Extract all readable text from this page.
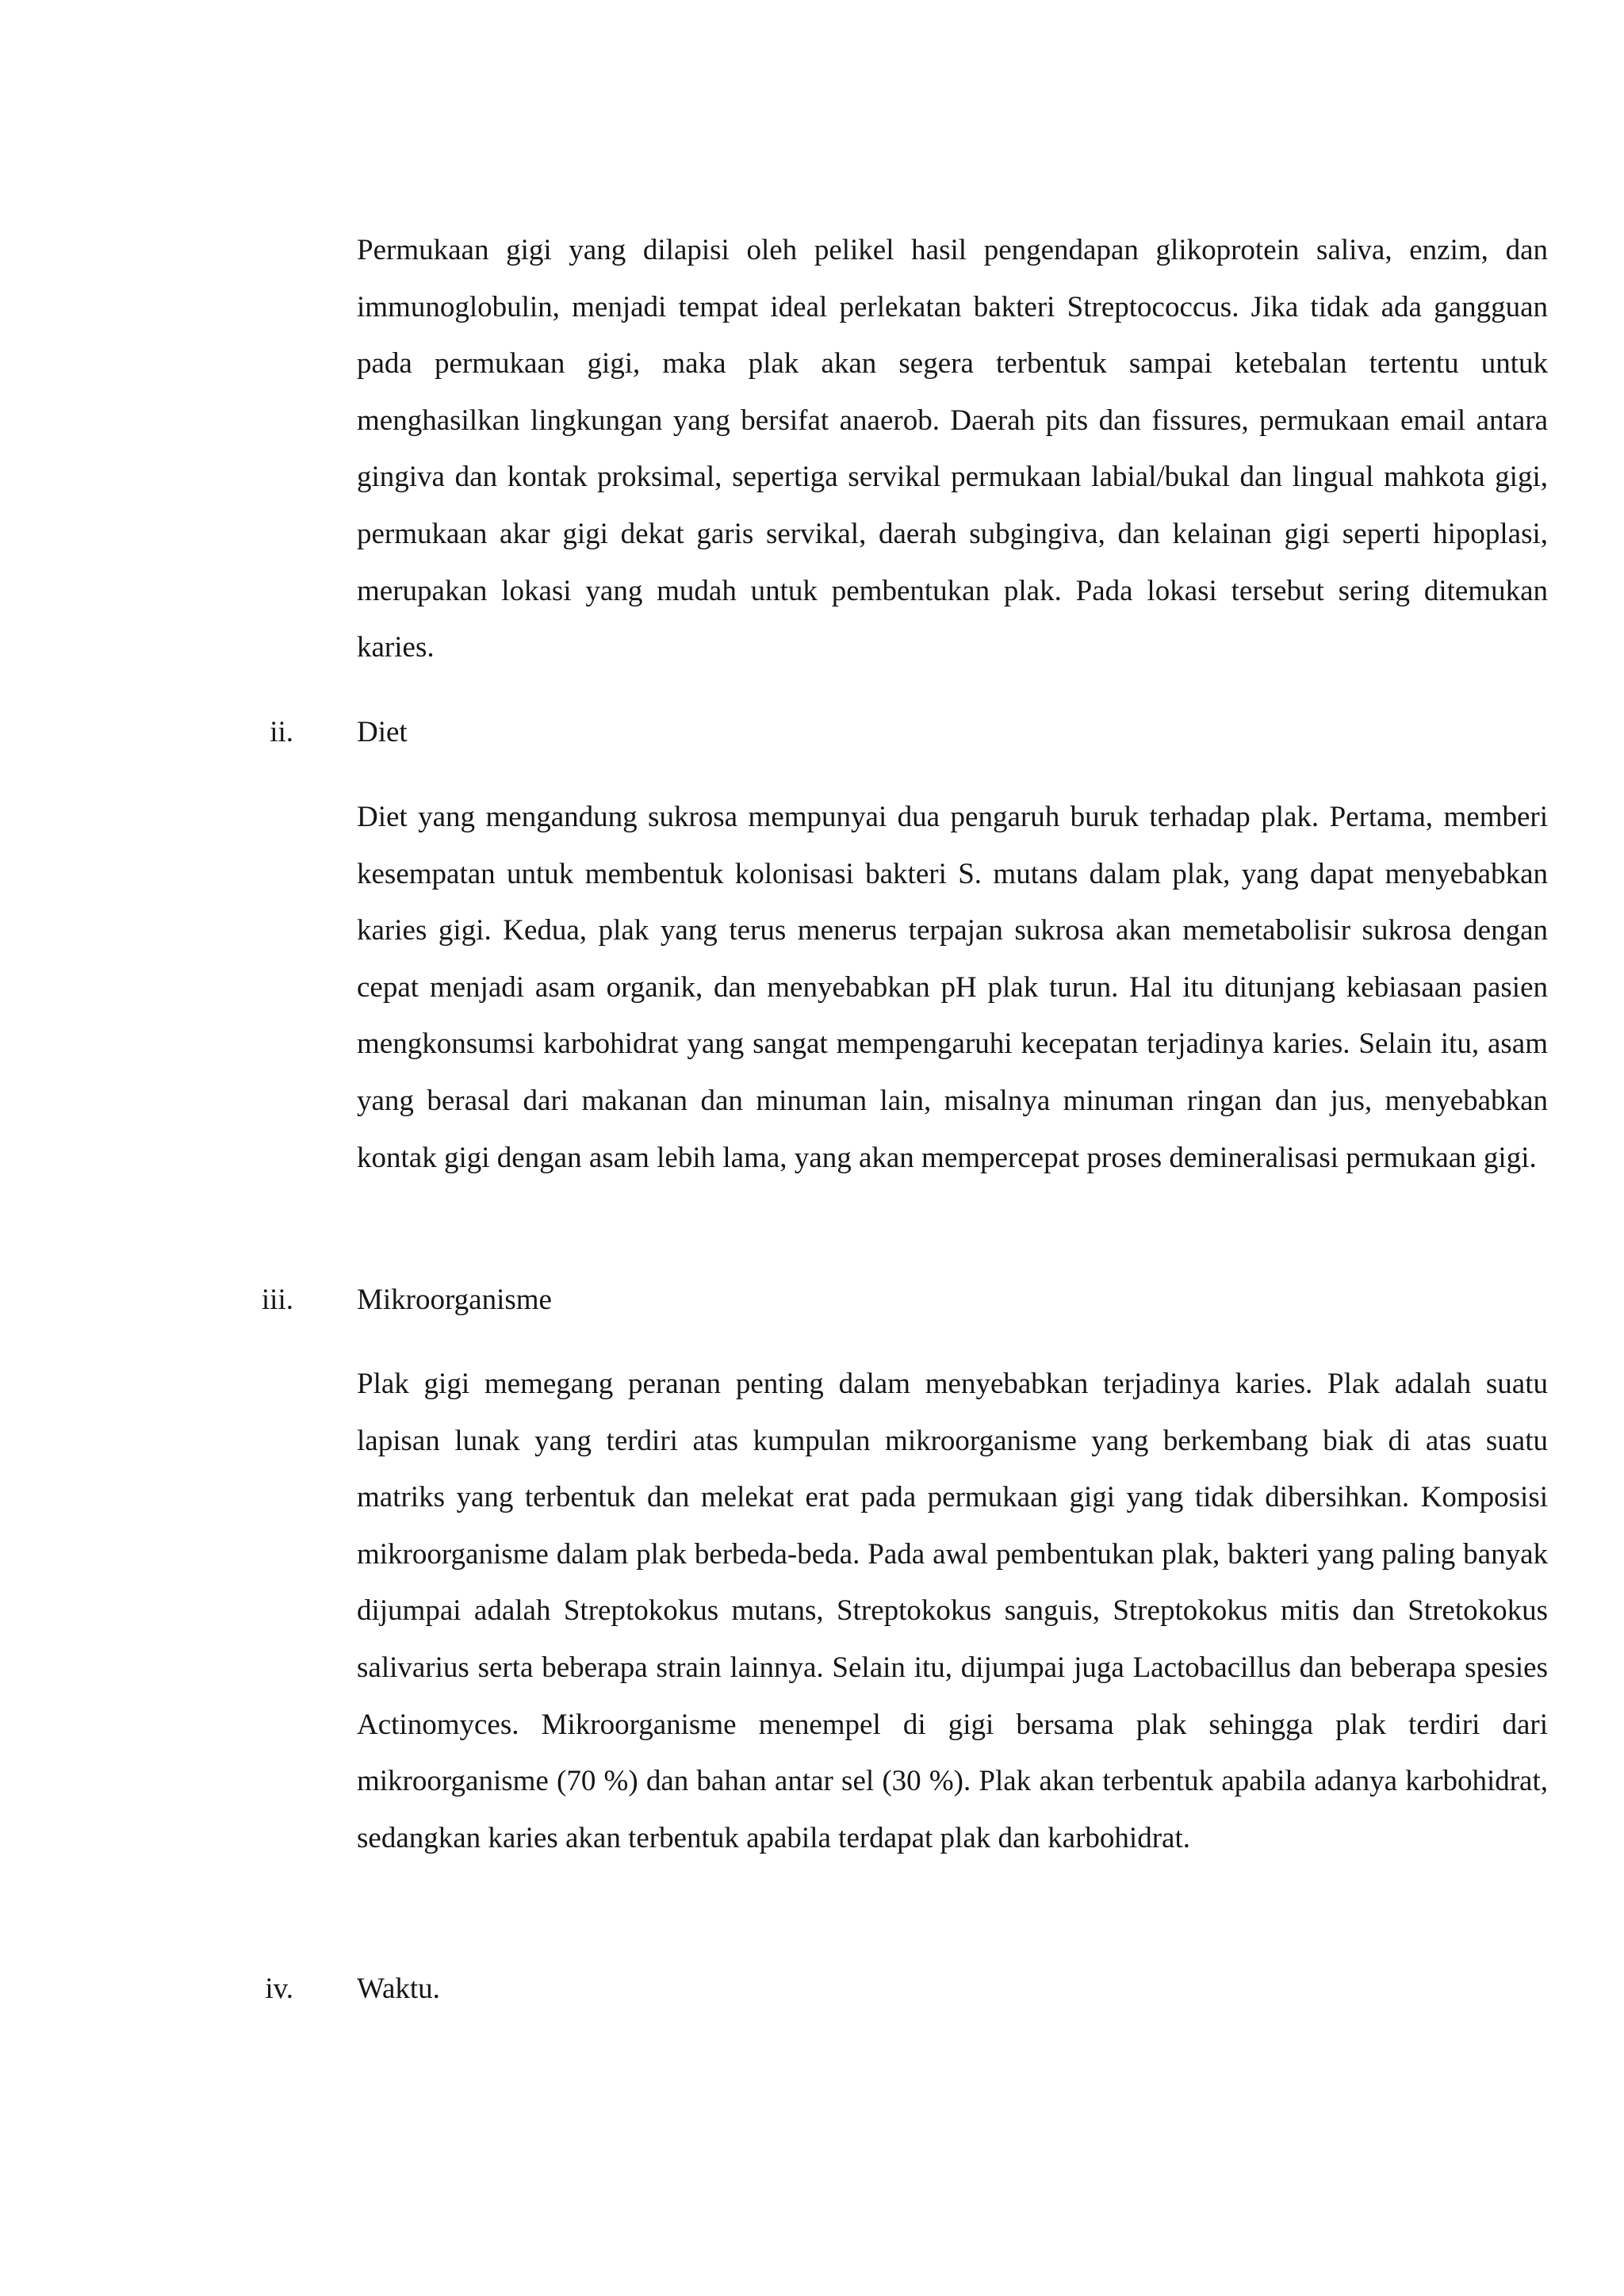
Permukaan gigi yang dilapisi oleh pelikel hasil pengendapan glikoprotein saliva, enzim, dan immunoglobulin, menjadi tempat ideal perlekatan bakteri Streptococcus. Jika tidak ada gangguan pada permukaan gigi, maka plak akan segera terbentuk sampai ketebalan tertentu untuk menghasilkan lingkungan yang bersifat anaerob. Daerah pits dan fissures, permukaan email antara gingiva dan kontak proksimal, sepertiga servikal permukaan labial/bukal dan lingual mahkota gigi, permukaan akar gigi dekat garis servikal, daerah subgingiva, dan kelainan gigi seperti hipoplasi, merupakan lokasi yang mudah untuk pembentukan plak. Pada lokasi tersebut sering ditemukan karies.

ii. Diet

Diet yang mengandung sukrosa mempunyai dua pengaruh buruk terhadap plak. Pertama, memberi kesempatan untuk membentuk kolonisasi bakteri S. mutans dalam plak, yang dapat menyebabkan karies gigi. Kedua, plak yang terus menerus terpajan sukrosa akan memetabolisir sukrosa dengan cepat menjadi asam organik, dan menyebabkan pH plak turun. Hal itu ditunjang kebiasaan pasien mengkonsumsi karbohidrat yang sangat mempengaruhi kecepatan terjadinya karies. Selain itu, asam yang berasal dari makanan dan minuman lain, misalnya minuman ringan dan jus, menyebabkan kontak gigi dengan asam lebih lama, yang akan mempercepat proses demineralisasi permukaan gigi.

iii. Mikroorganisme

Plak gigi memegang peranan penting dalam menyebabkan terjadinya karies. Plak adalah suatu lapisan lunak yang terdiri atas kumpulan mikroorganisme yang berkembang biak di atas suatu matriks yang terbentuk dan melekat erat pada permukaan gigi yang tidak dibersihkan. Komposisi mikroorganisme dalam plak berbeda-beda. Pada awal pembentukan plak, bakteri yang paling banyak dijumpai adalah Streptokokus mutans, Streptokokus sanguis, Streptokokus mitis dan Stretokokus salivarius serta beberapa strain lainnya. Selain itu, dijumpai juga Lactobacillus dan beberapa spesies Actinomyces. Mikroorganisme menempel di gigi bersama plak sehingga plak terdiri dari mikroorganisme (70 %) dan bahan antar sel (30 %). Plak akan terbentuk apabila adanya karbohidrat, sedangkan karies akan terbentuk apabila terdapat plak dan karbohidrat.

iv. Waktu.
